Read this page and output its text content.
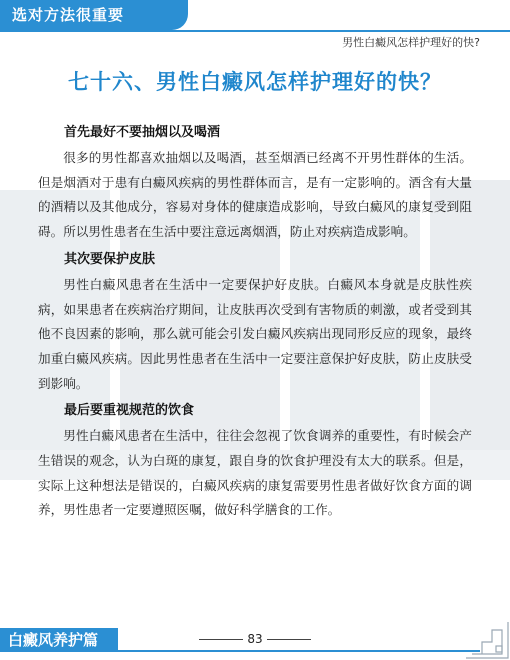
选对方法很重要
男性白癜风怎样护理好的快?
七十六、男性白癜风怎样护理好的快？
首先最好不要抽烟以及喝酒

很多的男性都喜欢抽烟以及喝酒，甚至烟酒已经离不开男性群体的生活。但是烟酒对于患有白癜风疾病的男性群体而言，是有一定影响的。酒含有大量的酒精以及其他成分，容易对身体的健康造成影响，导致白癜风的康复受到阻碍。所以男性患者在生活中要注意远离烟酒，防止对疾病造成影响。

其次要保护皮肤

男性白癜风患者在生活中一定要保护好皮肤。白癜风本身就是皮肤性疾病，如果患者在疾病治疗期间，让皮肤再次受到有害物质的刺激，或者受到其他不良因素的影响，那么就可能会引发白癜风疾病出现同形反应的现象，最终加重白癜风疾病。因此男性患者在生活中一定要注意保护好皮肤，防止皮肤受到影响。

最后要重视规范的饮食

男性白癜风患者在生活中，往往会忽视了饮食调养的重要性，有时候会产生错误的观念，认为白斑的康复，跟自身的饮食护理没有太大的联系。但是，实际上这种想法是错误的，白癜风疾病的康复需要男性患者做好饮食方面的调养，男性患者一定要遵照医嘱，做好科学膳食的工作。

白癜风养护篇	83
